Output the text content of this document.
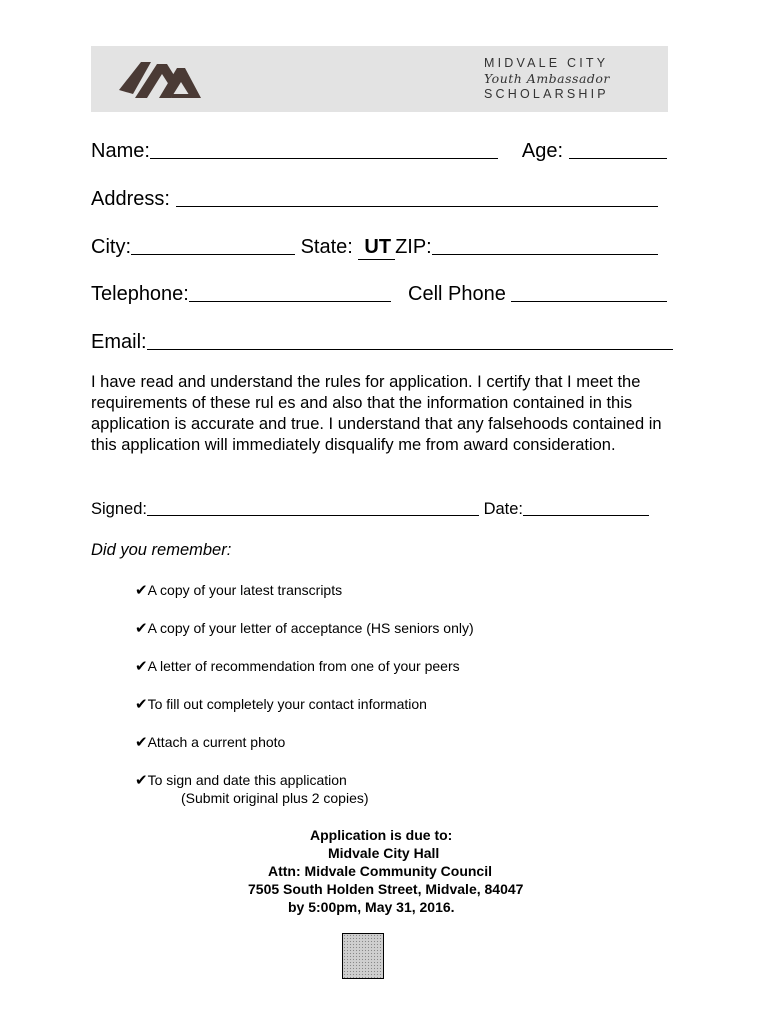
MIDVALE CITY
Youth Ambassador
SCHOLARSHIP
Name:	Age:
Address:
City:	State: UT ZIP:
Telephone:	Cell Phone
Email:
I have read and understand the rules for application. I certify that I meet the requirements of these rul es and also that the information contained in this application is accurate and true. I understand that any falsehoods contained in this application will immediately disqualify me from award consideration.
Signed:	Date:
Did you remember:
✔A copy of your latest transcripts
✔A copy of your letter of acceptance (HS seniors only)
✔A letter of recommendation from one of your peers
✔To fill out completely your contact information
✔Attach a current photo
✔To sign and date this application
(Submit original plus 2 copies)
Application is due to:
Midvale City Hall
Attn: Midvale Community Council
7505 South Holden Street, Midvale, 84047
by 5:00pm, May 31, 2016.
